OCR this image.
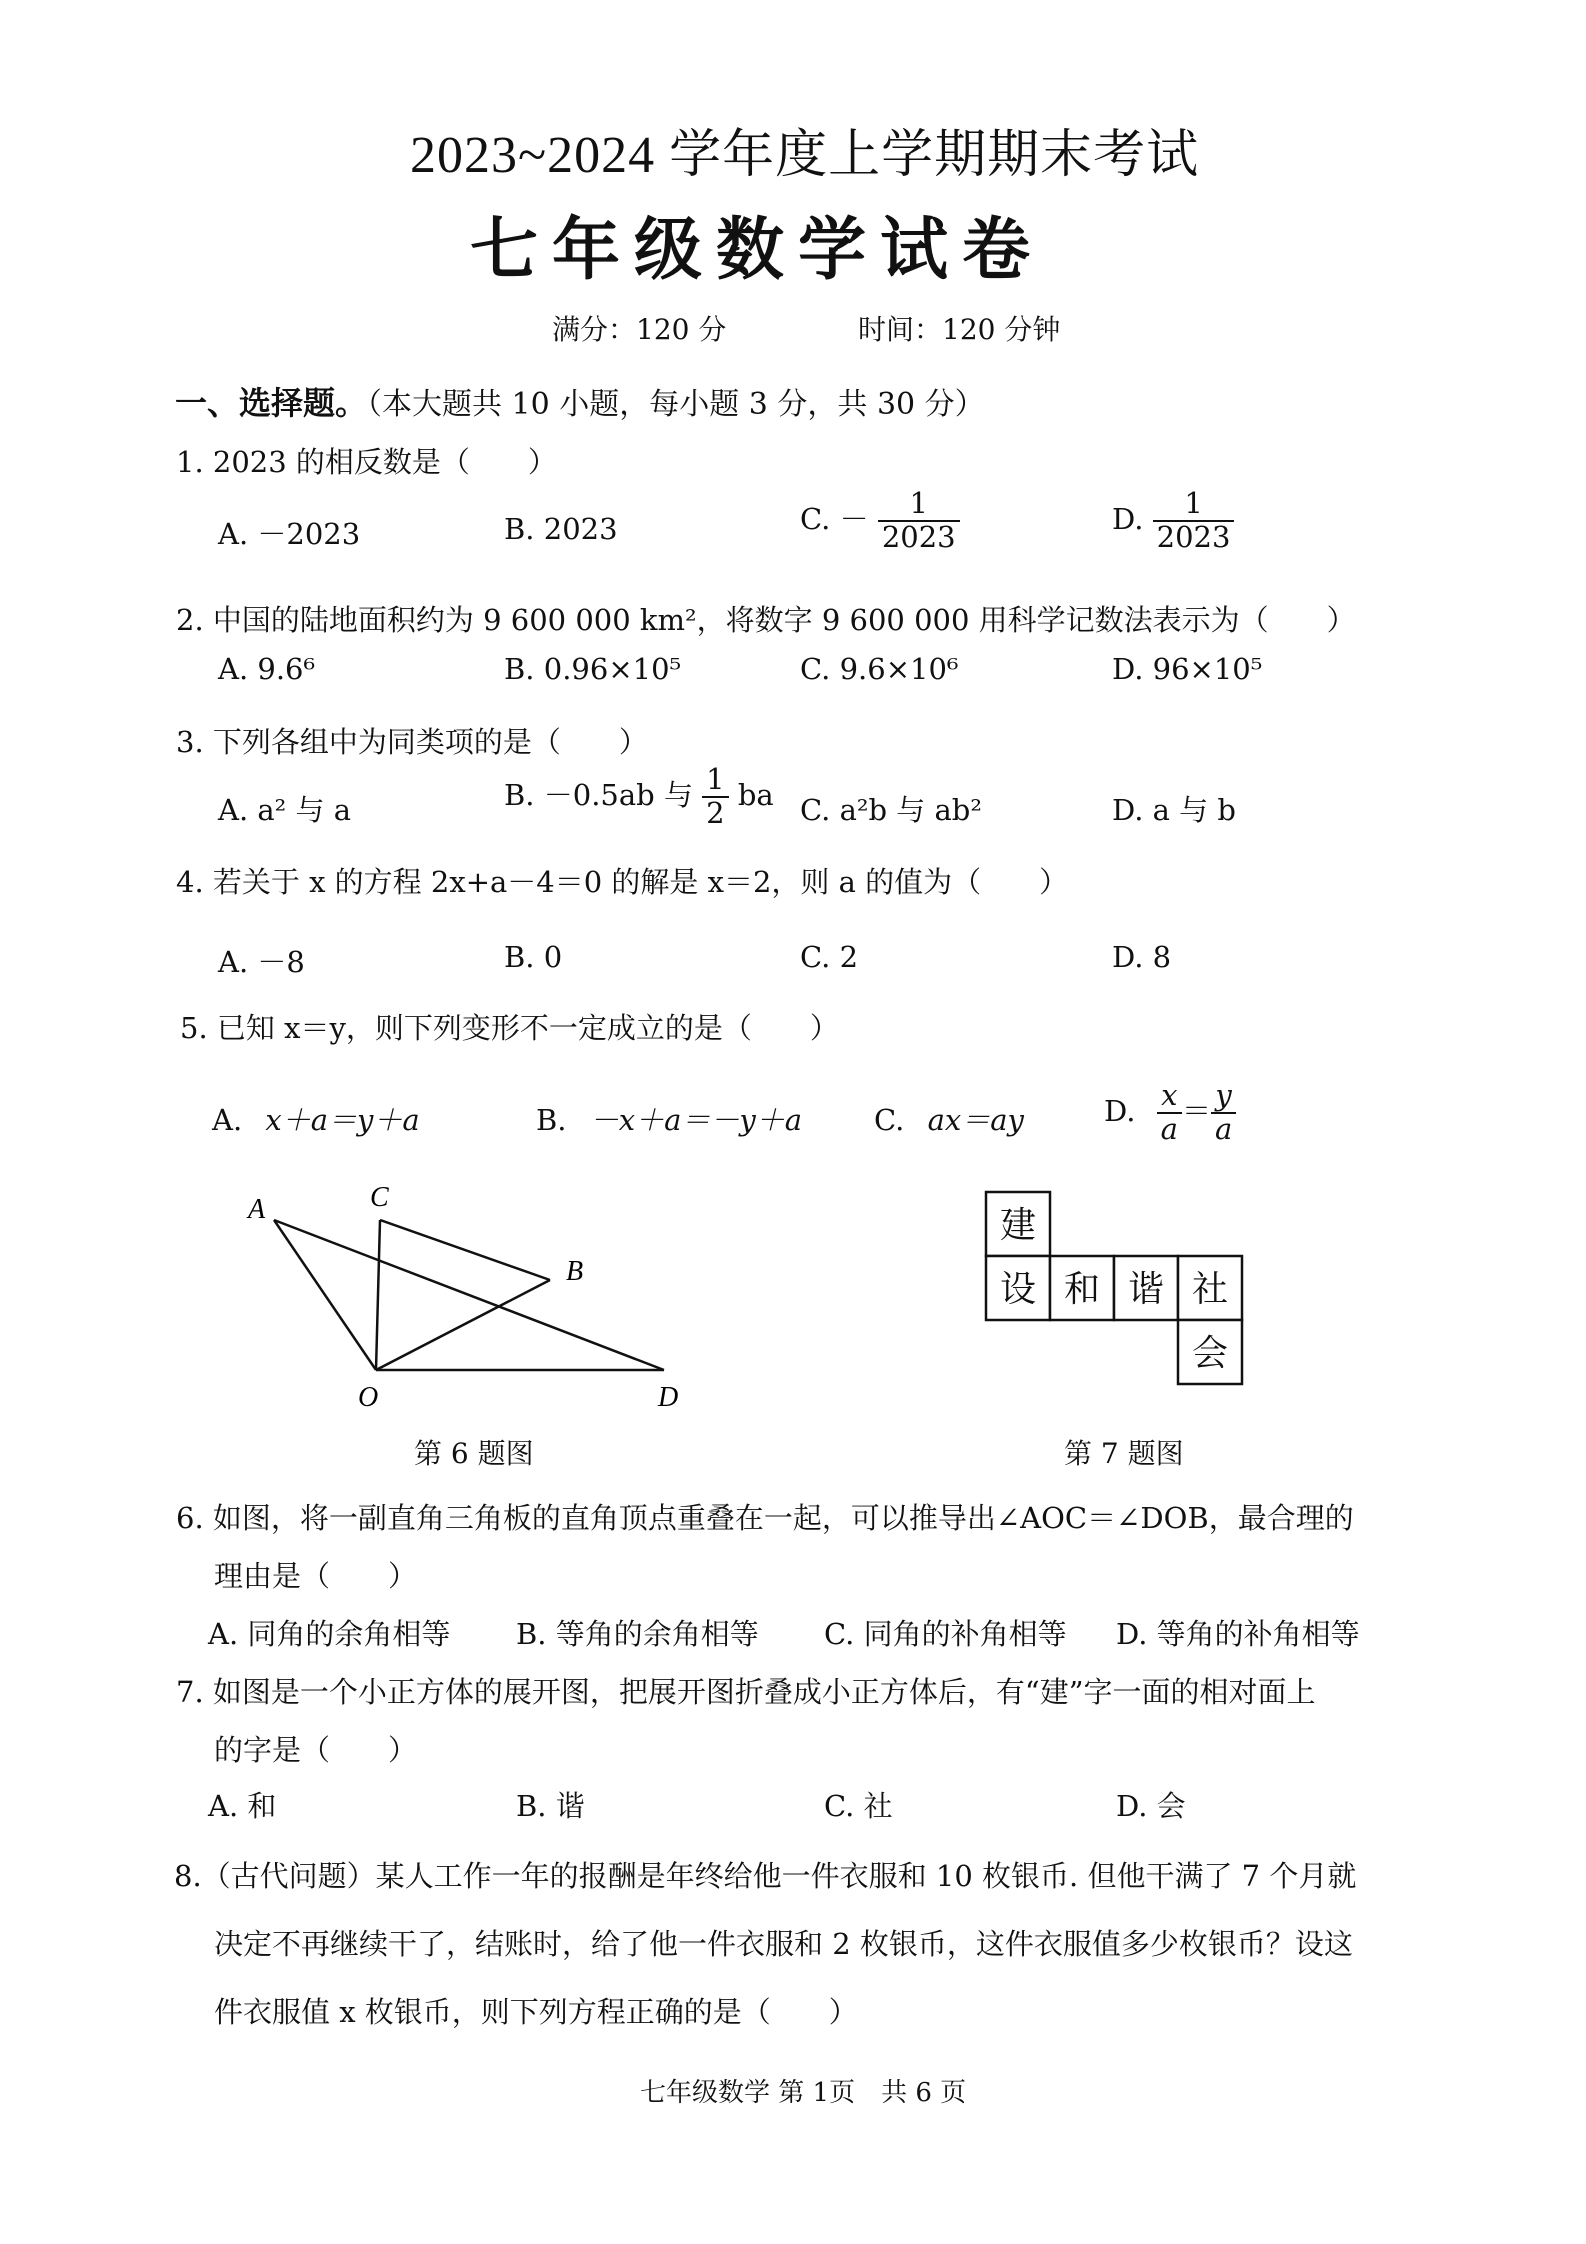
2023~2024 学年度上学期期末考试
七年级数学试卷
满分：120 分	时间：120 分钟
一、选择题。（本大题共 10 小题，每小题 3 分，共 30 分）
1. 2023 的相反数是（　　）
A. －2023	B. 2023	C. － $\frac{1}{2023}$	D. $\frac{1}{2023}$
2. 中国的陆地面积约为 9 600 000 km²，将数字 9 600 000 用科学记数法表示为（　　）
A. 9.6⁶	B. 0.96×10⁵	C. 9.6×10⁶	D. 96×10⁵
3. 下列各组中为同类项的是（　　）
A. a² 与 a	B. －0.5ab 与 $\frac{1}{2}$ ba C. a²b 与 ab²	D. a 与 b
4. 若关于 x 的方程 2x+a－4＝0 的解是 x＝2，则 a 的值为（　　）
A. －8	B. 0	C. 2	D. 8
5. 已知 x＝y，则下列变形不一定成立的是（　　）
A. x＋a＝y＋a	B. －x＋a＝－y＋a C. ax＝ay	D. $\frac{x}{a} = \frac{y}{a}$
A	C
B
O	D
第 6 题图
建
设 和 谐 社
会
第 7 题图
6. 如图，将一副直角三角板的直角顶点重叠在一起，可以推导出∠AOC＝∠DOB，最合理的
理由是（　　）
A. 同角的余角相等 B. 等角的余角相等 C. 同角的补角相等 D. 等角的补角相等
7. 如图是一个小正方体的展开图，把展开图折叠成小正方体后，有“建”字一面的相对面上
的字是（　　）
A. 和	B. 谐	C. 社	D. 会
8.（古代问题）某人工作一年的报酬是年终给他一件衣服和 10 枚银币. 但他干满了 7 个月就
决定不再继续干了，结账时，给了他一件衣服和 2 枚银币，这件衣服值多少枚银币？设这
件衣服值 x 枚银币，则下列方程正确的是（　　）
七年级数学 第 1页　共 6 页
